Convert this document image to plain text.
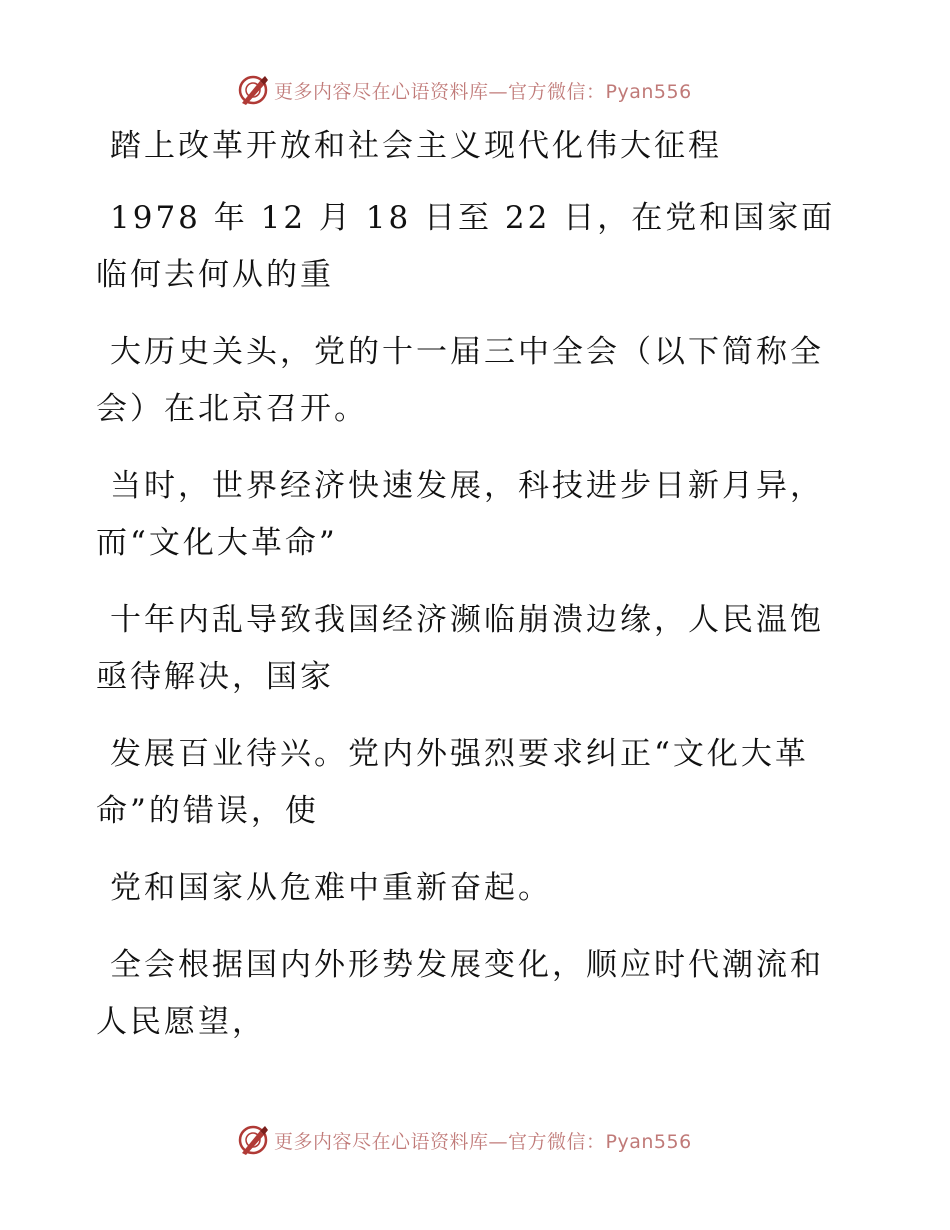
更多内容尽在心语资料库—官方微信：Pyan556

踏上改革开放和社会主义现代化伟大征程

1978 年 12 月 18 日至 22 日，在党和国家面临何去何从的重

大历史关头，党的十一届三中全会（以下简称全会）在北京召开。

当时，世界经济快速发展，科技进步日新月异，而“文化大革命”

十年内乱导致我国经济濒临崩溃边缘，人民温饱亟待解决，国家

发展百业待兴。党内外强烈要求纠正“文化大革命”的错误，使

党和国家从危难中重新奋起。

全会根据国内外形势发展变化，顺应时代潮流和人民愿望，

更多内容尽在心语资料库—官方微信：Pyan556
